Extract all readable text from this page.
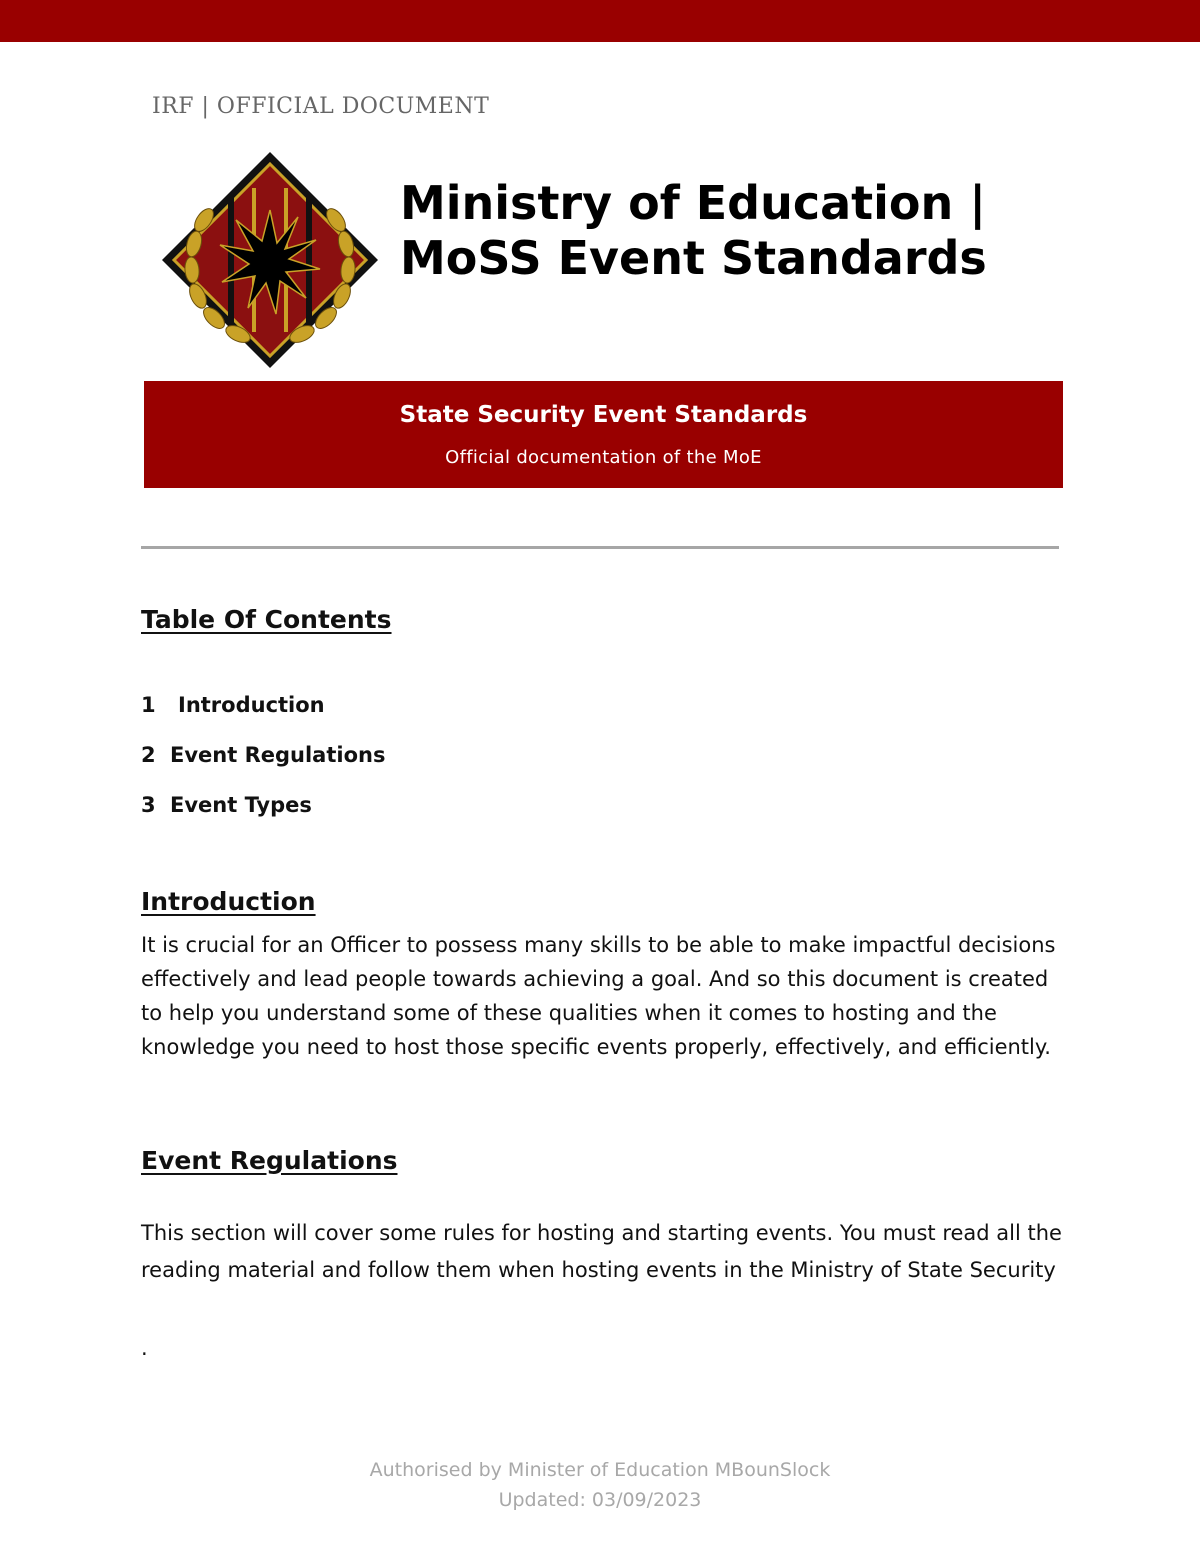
IRF | OFFICIAL DOCUMENT
Ministry of Education |
MoSS Event Standards
State Security Event Standards
Official documentation of the MoE
Table Of Contents
1 Introduction
2 Event Regulations
3 Event Types
Introduction

It is crucial for an Officer to possess many skills to be able to make impactful decisions effectively and lead people towards achieving a goal. And so this document is created to help you understand some of these qualities when it comes to hosting and the knowledge you need to host those specific events properly, effectively, and efficiently.

Event Regulations

This section will cover some rules for hosting and starting events. You must read all the reading material and follow them when hosting events in the Ministry of State Security

.
Authorised by Minister of Education MBounSlock
Updated: 03/09/2023
